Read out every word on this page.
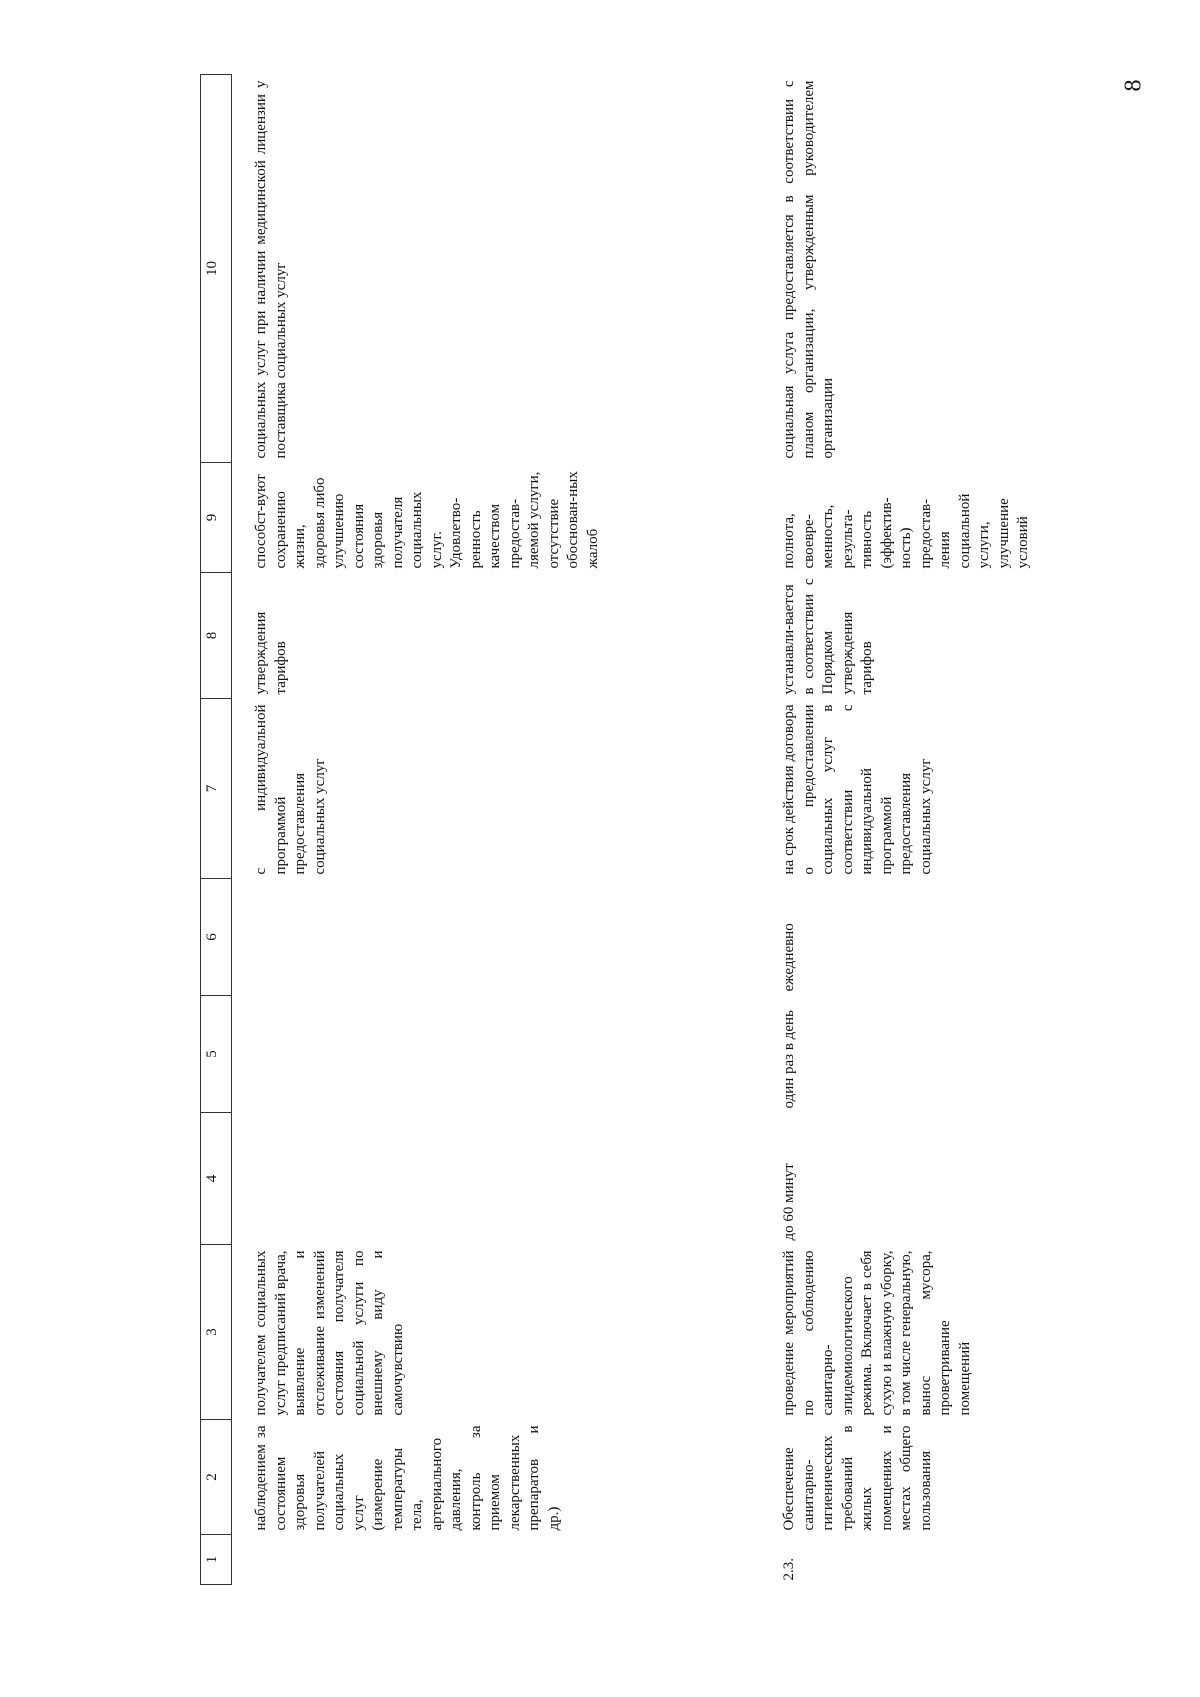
8
1	2	3	4	5	6	7	8	9	10
	наблюдением за состоянием здоровья получателей социальных услуг (измерение температуры тела, артериального давления, контроль за приемом лекарственных препаратов и др.)	получателем социальных услуг предписаний врача, выявление и отслеживание изменений состояния получателя социальной услуги по внешнему виду и самочувствию				с индивидуальной программой предоставления социальных услуг	утверждения тарифов	способст-вуют сохранению жизни, здоровья либо улучшению состояния здоровья получателя социальных услуг. Удовлетво-ренность качеством предостав-ляемой услуги, отсутствие обоснован-ных жалоб	социальных услуг при наличии медицинской лицензии у поставщика социальных услуг
2.3.	Обеспечение санитарно-гигиенических требований в жилых помещениях и местах общего пользования	проведение мероприятий по соблюдению санитарно-эпидемиологического режима. Включает в себя сухую и влажную уборку, в том числе генеральную, вынос мусора, проветривание помещений	до 60 минут	один раз в день	ежедневно	на срок действия договора о предоставлении социальных услуг в соответствии с индивидуальной программой предоставления социальных услуг	устанавли-вается в соответствии с Порядком утверждения тарифов	полнота, своевре-менность, результа-тивность (эффектив-ность) предостав-ления социальной услуги, улучшение условий	социальная услуга предоставляется в соответствии с планом организации, утвержденным руководителем организации
